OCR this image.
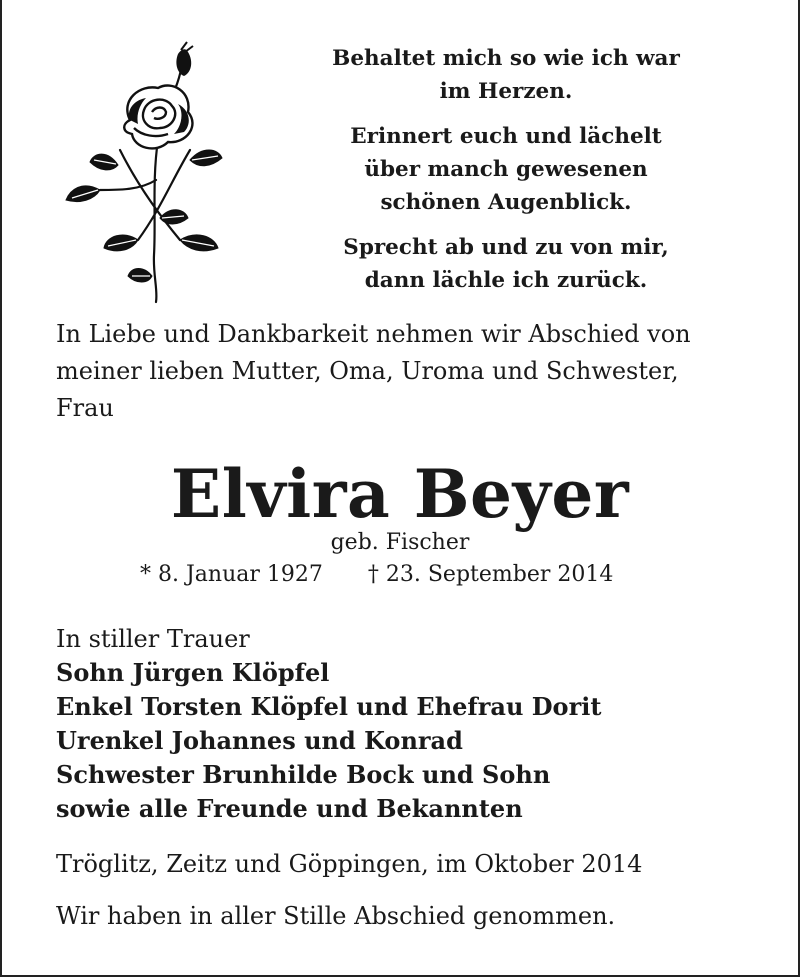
Behaltet mich so wie ich war
im Herzen.
Erinnert euch und lächelt
über manch gewesenen
schönen Augenblick.
Sprecht ab und zu von mir,
dann lächle ich zurück.
In Liebe und Dankbarkeit nehmen wir Abschied von
meiner lieben Mutter, Oma, Uroma und Schwester,
Frau
Elvira Beyer
geb. Fischer
* 8. Januar 1927 † 23. September 2014
In stiller Trauer
Sohn Jürgen Klöpfel
Enkel Torsten Klöpfel und Ehefrau Dorit
Urenkel Johannes und Konrad
Schwester Brunhilde Bock und Sohn
sowie alle Freunde und Bekannten
Tröglitz, Zeitz und Göppingen, im Oktober 2014
Wir haben in aller Stille Abschied genommen.
